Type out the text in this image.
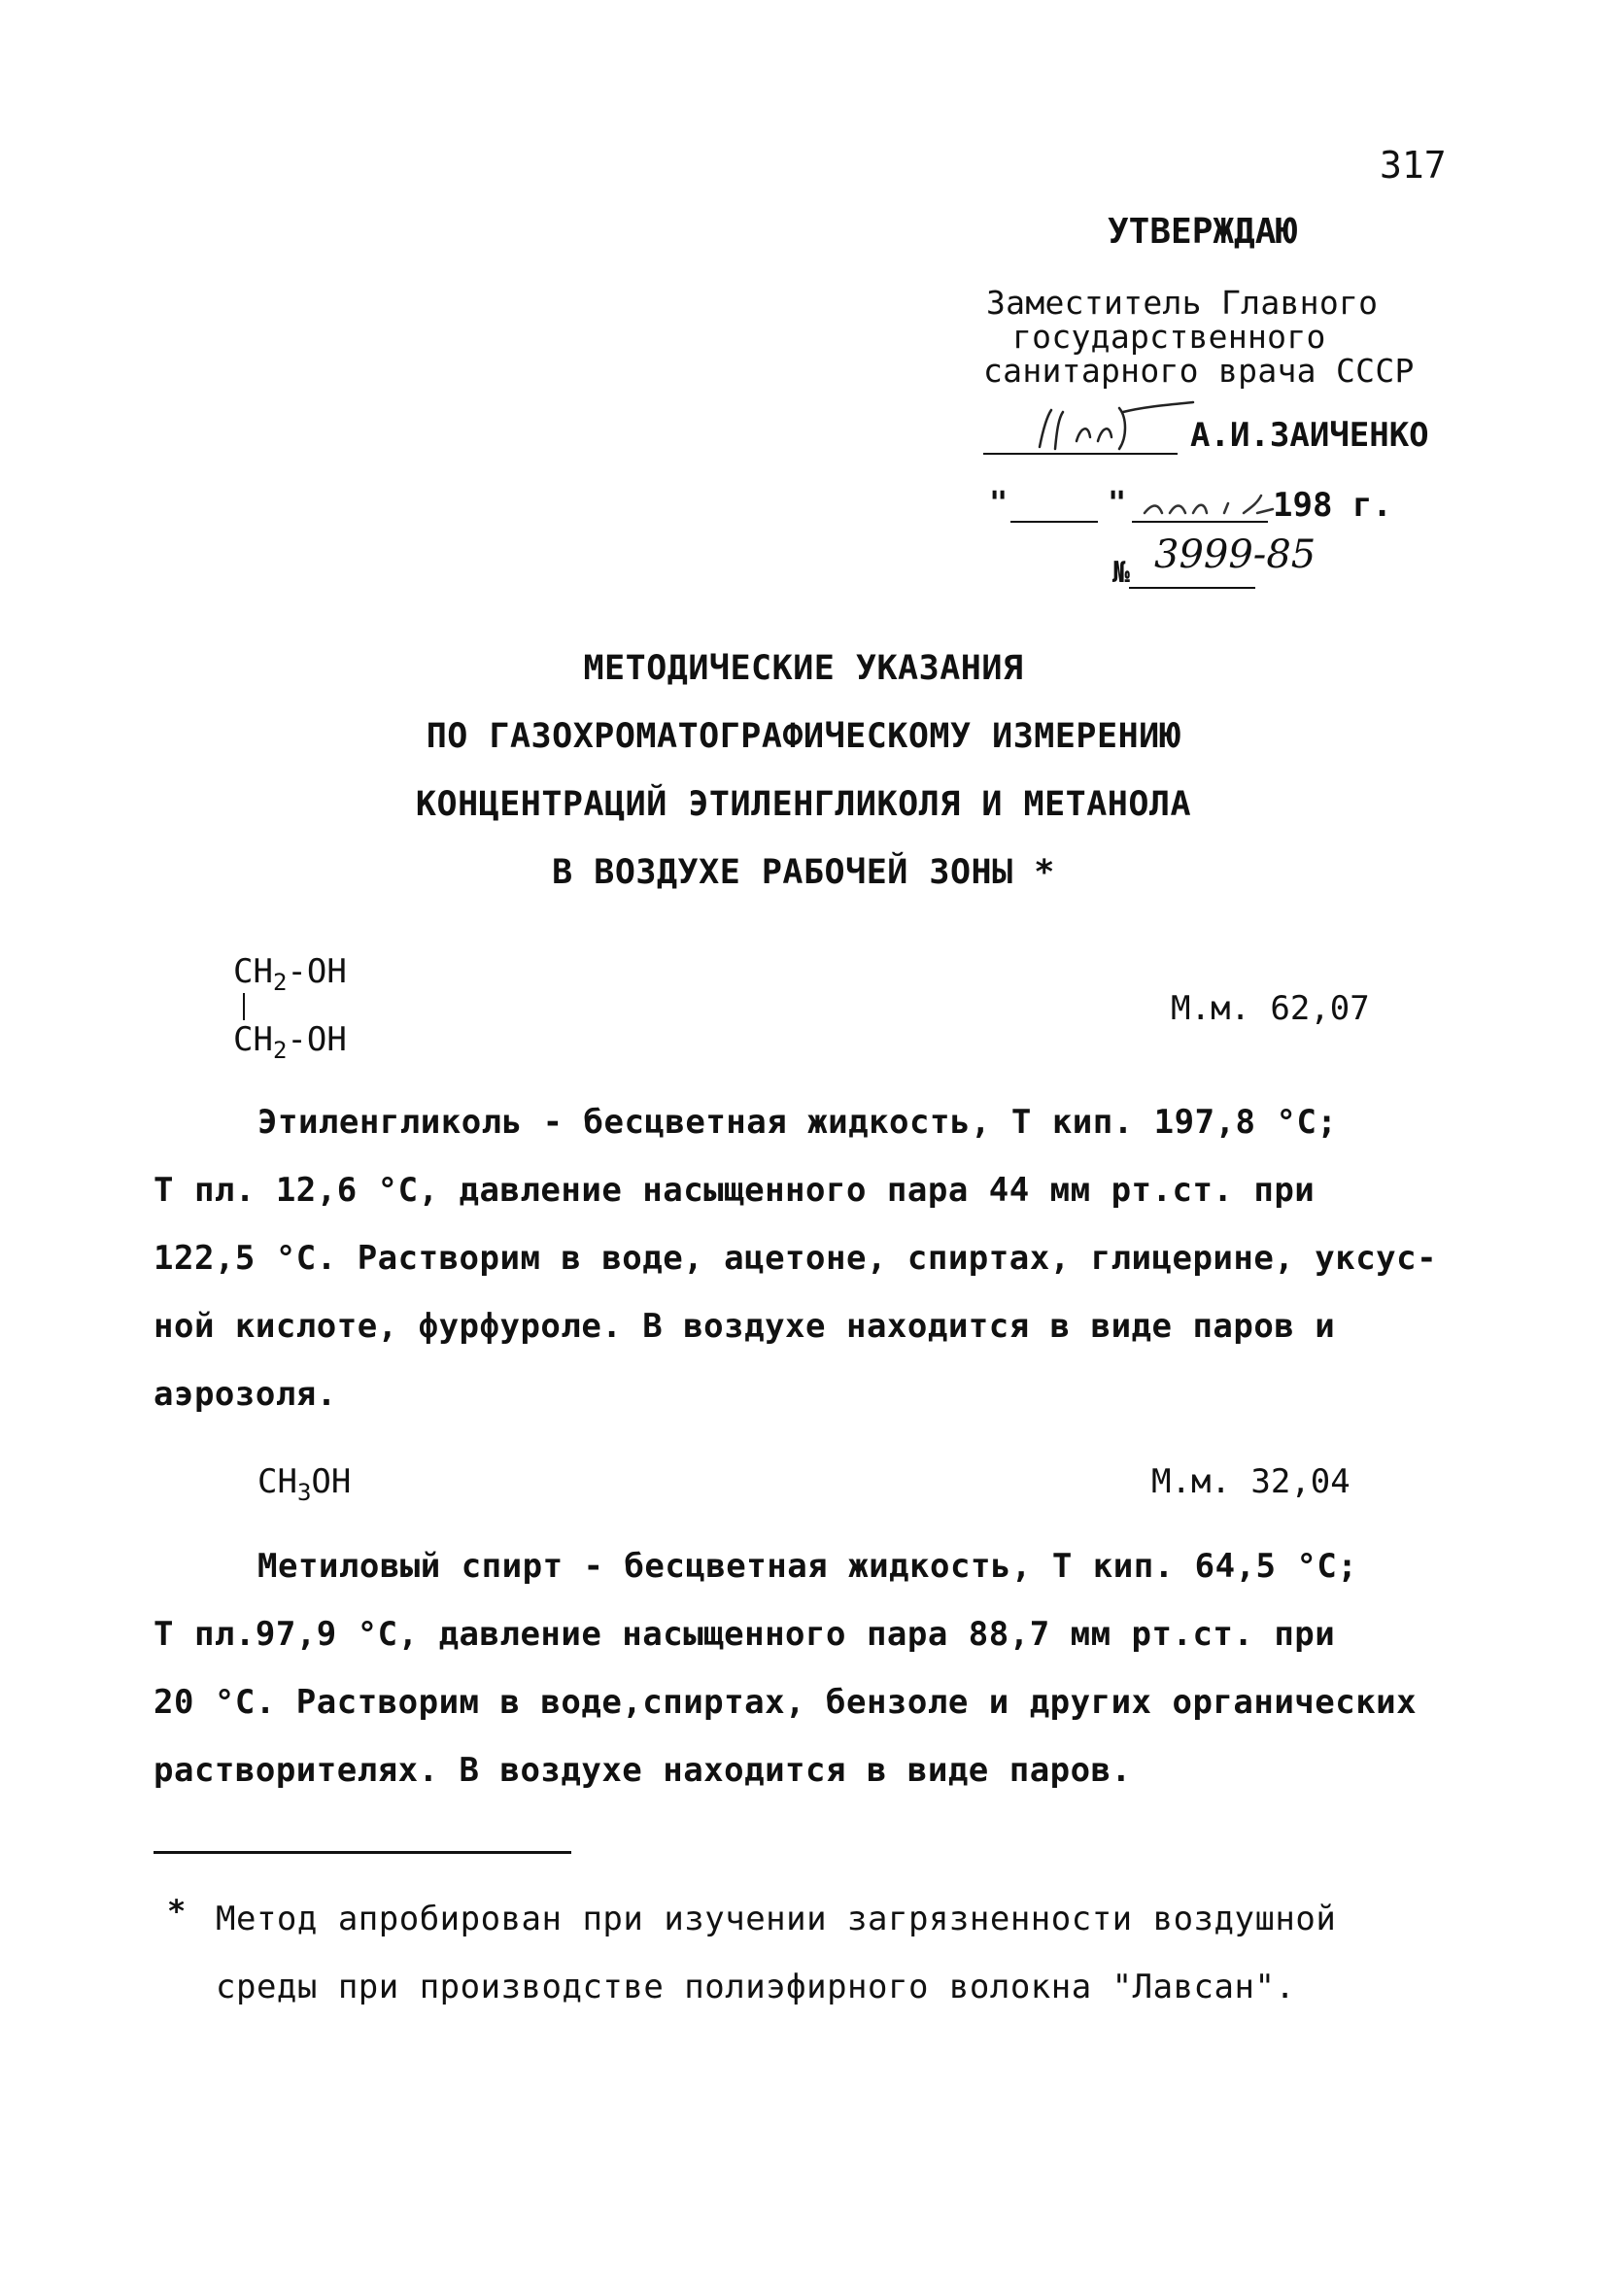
317
УТВЕРЖДАЮ
Заместитель Главного
государственного
санитарного врача СССР
А.И.ЗАИЧЕНКО
"	"	198 г.
№ 3999-85
МЕТОДИЧЕСКИЕ УКАЗАНИЯ
ПО ГАЗОХРОМАТОГРАФИЧЕСКОМУ ИЗМЕРЕНИЮ
КОНЦЕНТРАЦИЙ ЭТИЛЕНГЛИКОЛЯ И МЕТАНОЛА
В ВОЗДУХЕ РАБОЧЕЙ ЗОНЫ *
$CH_2-OH$
$CH_2-OH$
М.м. 62,07
Этиленгликоль - бесцветная жидкость, Т кип. 197,8 °С;
Т пл. 12,6 °С, давление насыщенного пара 44 мм рт.ст. при
122,5 °С. Растворим в воде, ацетоне, спиртах, глицерине, уксус-
ной кислоте, фурфуроле. В воздухе находится в виде паров и
аэрозоля.
$CH_3OH$	М.м. 32,04
Метиловый спирт - бесцветная жидкость, Т кип. 64,5 °С;
Т пл.97,9 °С, давление насыщенного пара 88,7 мм рт.ст. при
20 °С. Растворим в воде,спиртах, бензоле и других органических
растворителях. В воздухе находится в виде паров.
* Метод апробирован при изучении загрязненности воздушной
среды при производстве полиэфирного волокна "Лавсан".
